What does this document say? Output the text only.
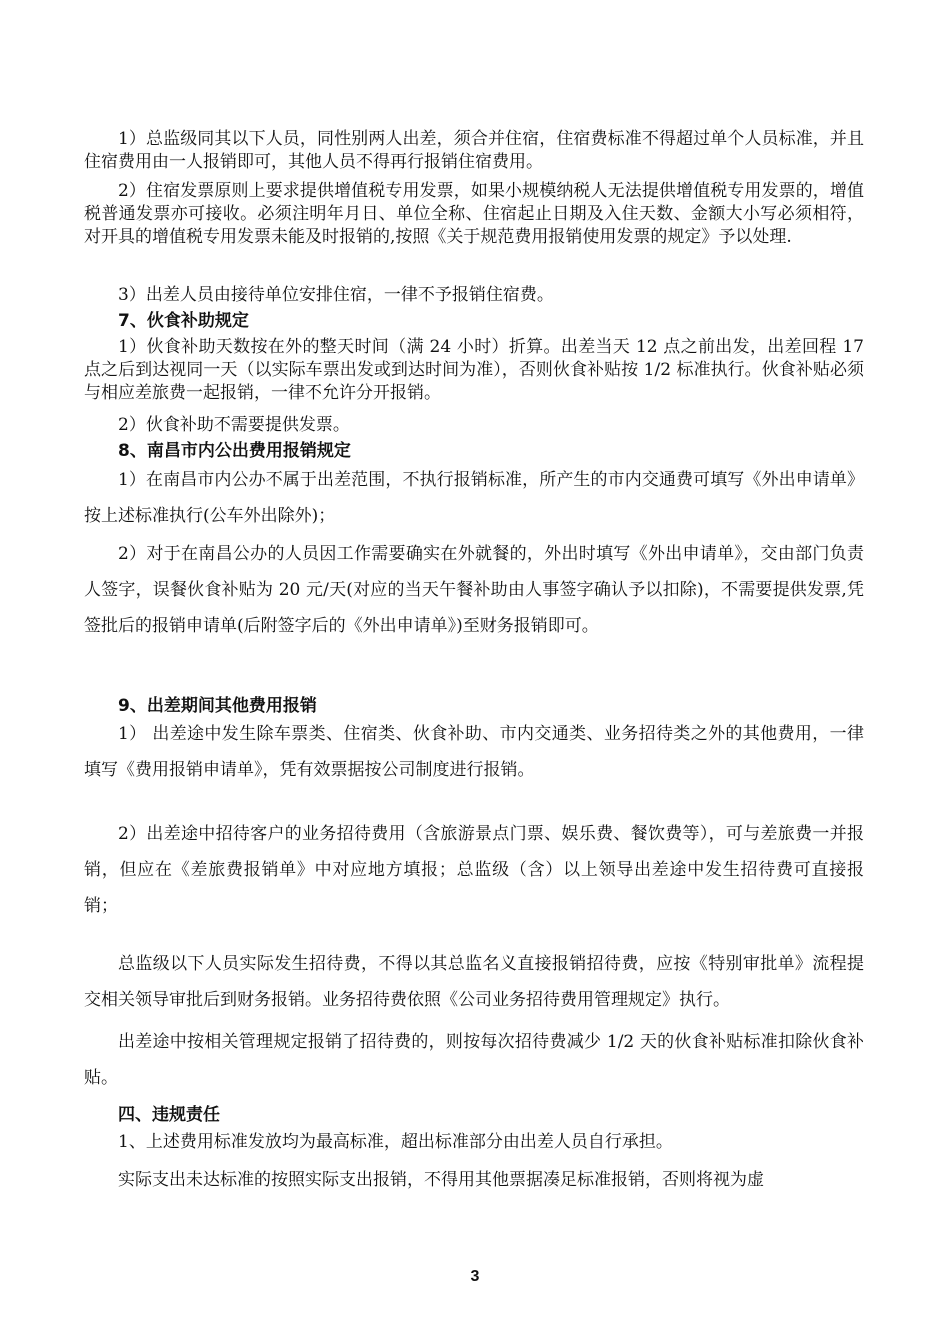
1）总监级同其以下人员，同性别两人出差，须合并住宿，住宿费标准不得超过单个人员标准，并且住宿费用由一人报销即可，其他人员不得再行报销住宿费用。
2）住宿发票原则上要求提供增值税专用发票，如果小规模纳税人无法提供增值税专用发票的，增值税普通发票亦可接收。必须注明年月日、单位全称、住宿起止日期及入住天数、金额大小写必须相符，对开具的增值税专用发票未能及时报销的,按照《关于规范费用报销使用发票的规定》予以处理.
3）出差人员由接待单位安排住宿，一律不予报销住宿费。
7、伙食补助规定
1）伙食补助天数按在外的整天时间（满 24 小时）折算。出差当天 12 点之前出发，出差回程 17 点之后到达视同一天（以实际车票出发或到达时间为准），否则伙食补贴按 1/2 标准执行。伙食补贴必须与相应差旅费一起报销，一律不允许分开报销。
2）伙食补助不需要提供发票。
8、南昌市内公出费用报销规定
1）在南昌市内公办不属于出差范围，不执行报销标准，所产生的市内交通费可填写《外出申请单》 按上述标准执行(公车外出除外)；
2）对于在南昌公办的人员因工作需要确实在外就餐的，外出时填写《外出申请单》，交由部门负责人签字，误餐伙食补贴为 20 元/天(对应的当天午餐补助由人事签字确认予以扣除)，不需要提供发票,凭签批后的报销申请单(后附签字后的《外出申请单》)至财务报销即可。
9、出差期间其他费用报销
1） 出差途中发生除车票类、住宿类、伙食补助、市内交通类、业务招待类之外的其他费用，一律填写《费用报销申请单》，凭有效票据按公司制度进行报销。
2）出差途中招待客户的业务招待费用（含旅游景点门票、娱乐费、餐饮费等），可与差旅费一并报销，但应在《差旅费报销单》中对应地方填报；总监级（含）以上领导出差途中发生招待费可直接报销；
总监级以下人员实际发生招待费，不得以其总监名义直接报销招待费，应按《特别审批单》流程提交相关领导审批后到财务报销。业务招待费依照《公司业务招待费用管理规定》执行。
出差途中按相关管理规定报销了招待费的，则按每次招待费减少 1/2 天的伙食补贴标准扣除伙食补贴。
四、违规责任
1、上述费用标准发放均为最高标准，超出标准部分由出差人员自行承担。
实际支出未达标准的按照实际支出报销，不得用其他票据凑足标准报销，否则将视为虚
3
